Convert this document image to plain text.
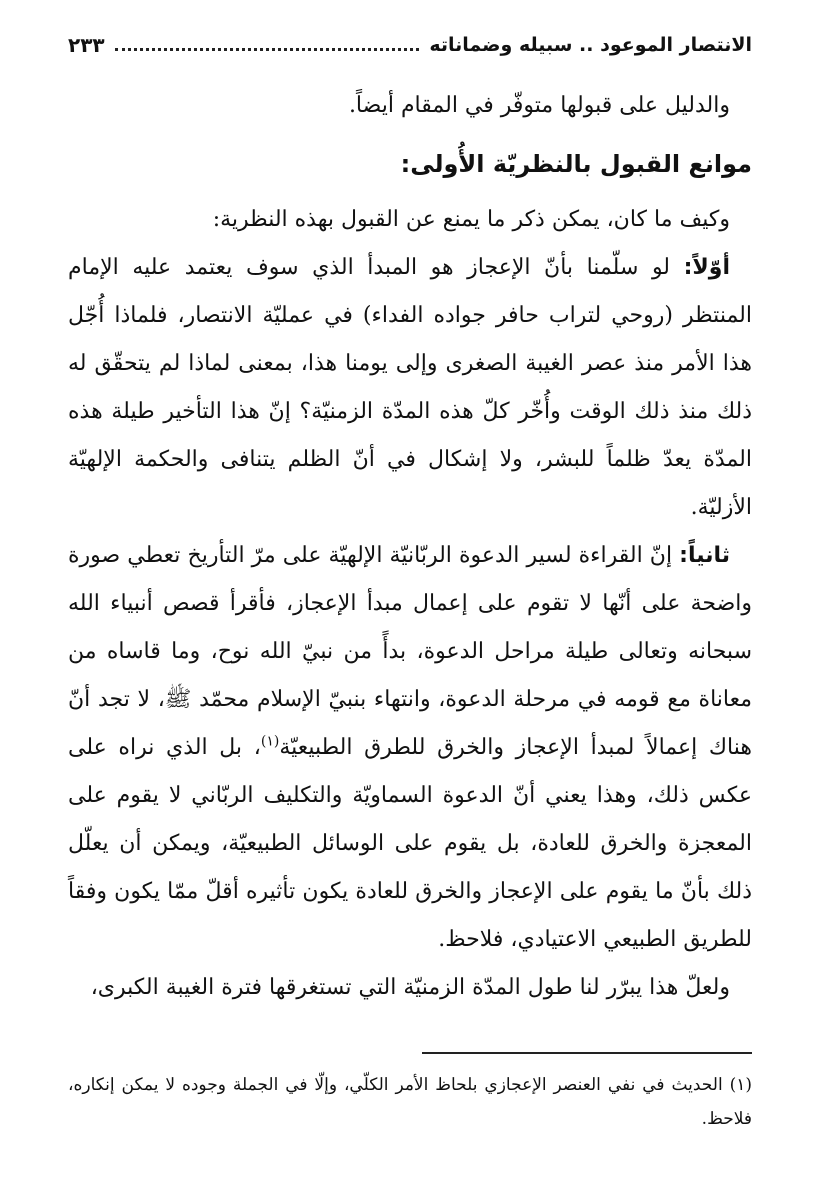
الانتصار الموعود .. سبيله وضماناته
٢٣٣

والدليل على قبولها متوفّر في المقام أيضاً.

موانع القبول بالنظريّة الأُولى:

وكيف ما كان، يمكن ذكر ما يمنع عن القبول بهذه النظرية:

أوّلاً: لو سلّمنا بأنّ الإعجاز هو المبدأ الذي سوف يعتمد عليه الإمام المنتظر (روحي لتراب حافر جواده الفداء) في عمليّة الانتصار، فلماذا أُجّل هذا الأمر منذ عصر الغيبة الصغرى وإلى يومنا هذا، بمعنى لماذا لم يتحقّق له ذلك منذ ذلك الوقت وأُخّر كلّ هذه المدّة الزمنيّة؟ إنّ هذا التأخير طيلة هذه المدّة يعدّ ظلماً للبشر، ولا إشكال في أنّ الظلم يتنافى والحكمة الإلهيّة الأزليّة.

ثانياً: إنّ القراءة لسير الدعوة الربّانيّة الإلهيّة على مرّ التأريخ تعطي صورة واضحة على أنّها لا تقوم على إعمال مبدأ الإعجاز، فأقرأ قصص أنبياء الله سبحانه وتعالى طيلة مراحل الدعوة، بدأً من نبيّ الله نوح، وما قاساه من معاناة مع قومه في مرحلة الدعوة، وانتهاء بنبيّ الإسلام محمّد ﷺ، لا تجد أنّ هناك إعمالاً لمبدأ الإعجاز والخرق للطرق الطبيعيّة$^{(١)}$، بل الذي نراه على عكس ذلك، وهذا يعني أنّ الدعوة السماويّة والتكليف الربّاني لا يقوم على المعجزة والخرق للعادة، بل يقوم على الوسائل الطبيعيّة، ويمكن أن يعلّل ذلك بأنّ ما يقوم على الإعجاز والخرق للعادة يكون تأثيره أقلّ ممّا يكون وفقاً للطريق الطبيعي الاعتيادي، فلاحظ.

ولعلّ هذا يبرّر لنا طول المدّة الزمنيّة التي تستغرقها فترة الغيبة الكبرى،

(١) الحديث في نفي العنصر الإعجازي بلحاظ الأمر الكلّي، وإلّا في الجملة وجوده لا يمكن إنكاره، فلاحظ.
